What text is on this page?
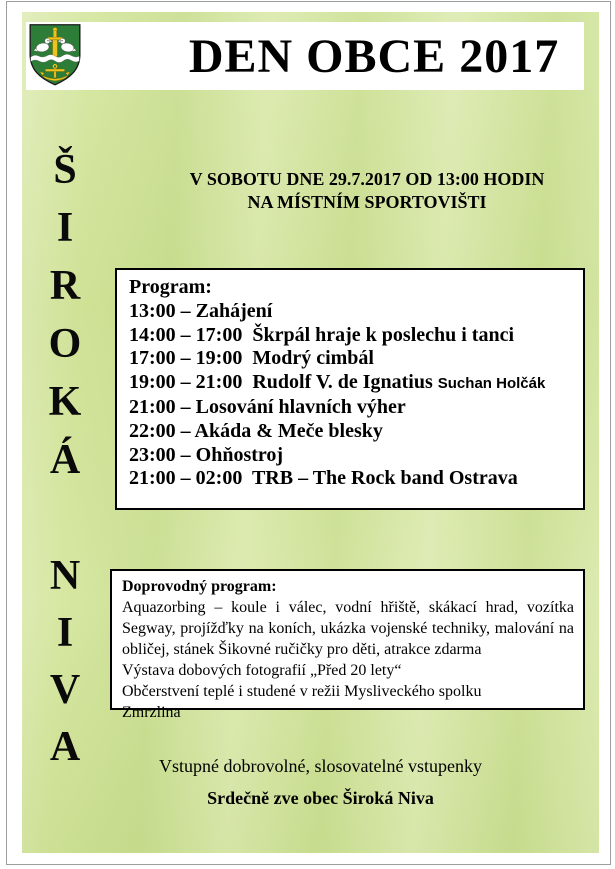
DEN OBCE 2017
Š
I
R
O
K
Á
N
I
V
A
V SOBOTU DNE 29.7.2017 OD 13:00 HODIN
NA MÍSTNÍM SPORTOVIŠTI
Program:
13:00 – Zahájení
14:00 – 17:00  Škrpál hraje k poslechu i tanci
17:00 – 19:00  Modrý cimbál
19:00 – 21:00  Rudolf V. de Ignatius Suchan Holčák
21:00 – Losování hlavních výher
22:00 – Akáda & Meče blesky
23:00 – Ohňostroj
21:00 – 02:00  TRB – The Rock band Ostrava
Doprovodný program:
Aquazorbing – koule i válec, vodní hřiště, skákací hrad, vozítka Segway, projížďky na koních, ukázka vojenské techniky, malování na obličej, stánek Šikovné ručičky pro děti, atrakce zdarma
Výstava dobových fotografií „Před 20 lety“
Občerstvení teplé i studené v režii Mysliveckého spolku
Zmrzlina
Vstupné dobrovolné, slosovatelné vstupenky
Srdečně zve obec Široká Niva
